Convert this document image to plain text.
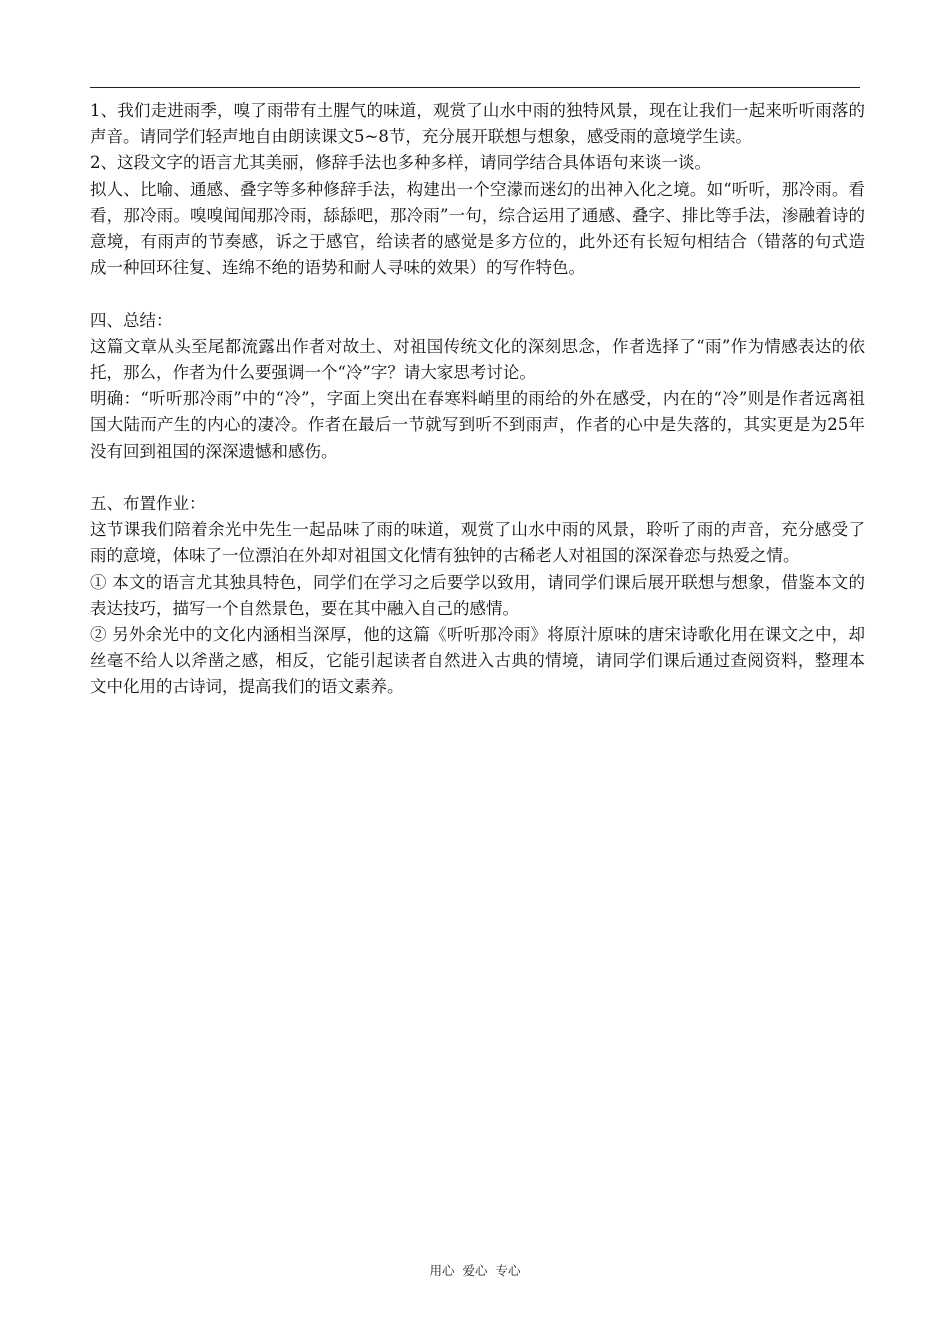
1、我们走进雨季，嗅了雨带有土腥气的味道，观赏了山水中雨的独特风景，现在让我们一起来听听雨落的声音。请同学们轻声地自由朗读课文5~8节，充分展开联想与想象，感受雨的意境学生读。

2、这段文字的语言尤其美丽，修辞手法也多种多样，请同学结合具体语句来谈一谈。

拟人、比喻、通感、叠字等多种修辞手法，构建出一个空濛而迷幻的出神入化之境。如“听听，那冷雨。看看，那冷雨。嗅嗅闻闻那冷雨，舔舔吧，那冷雨”一句，综合运用了通感、叠字、排比等手法，渗融着诗的意境，有雨声的节奏感，诉之于感官，给读者的感觉是多方位的，此外还有长短句相结合（错落的句式造成一种回环往复、连绵不绝的语势和耐人寻味的效果）的写作特色。

四、总结：

这篇文章从头至尾都流露出作者对故土、对祖国传统文化的深刻思念，作者选择了“雨”作为情感表达的依托，那么，作者为什么要强调一个“冷”字？请大家思考讨论。

明确：“听听那冷雨”中的“冷”，字面上突出在春寒料峭里的雨给的外在感受，内在的“冷”则是作者远离祖国大陆而产生的内心的凄冷。作者在最后一节就写到听不到雨声，作者的心中是失落的，其实更是为25年没有回到祖国的深深遗憾和感伤。

五、布置作业：

这节课我们陪着余光中先生一起品味了雨的味道，观赏了山水中雨的风景，聆听了雨的声音，充分感受了雨的意境，体味了一位漂泊在外却对祖国文化情有独钟的古稀老人对祖国的深深眷恋与热爱之情。

① 本文的语言尤其独具特色，同学们在学习之后要学以致用，请同学们课后展开联想与想象，借鉴本文的表达技巧，描写一个自然景色，要在其中融入自己的感情。

② 另外余光中的文化内涵相当深厚，他的这篇《听听那冷雨》将原汁原味的唐宋诗歌化用在课文之中，却丝毫不给人以斧凿之感，相反，它能引起读者自然进入古典的情境，请同学们课后通过查阅资料，整理本文中化用的古诗词，提高我们的语文素养。

用心  爱心  专心
